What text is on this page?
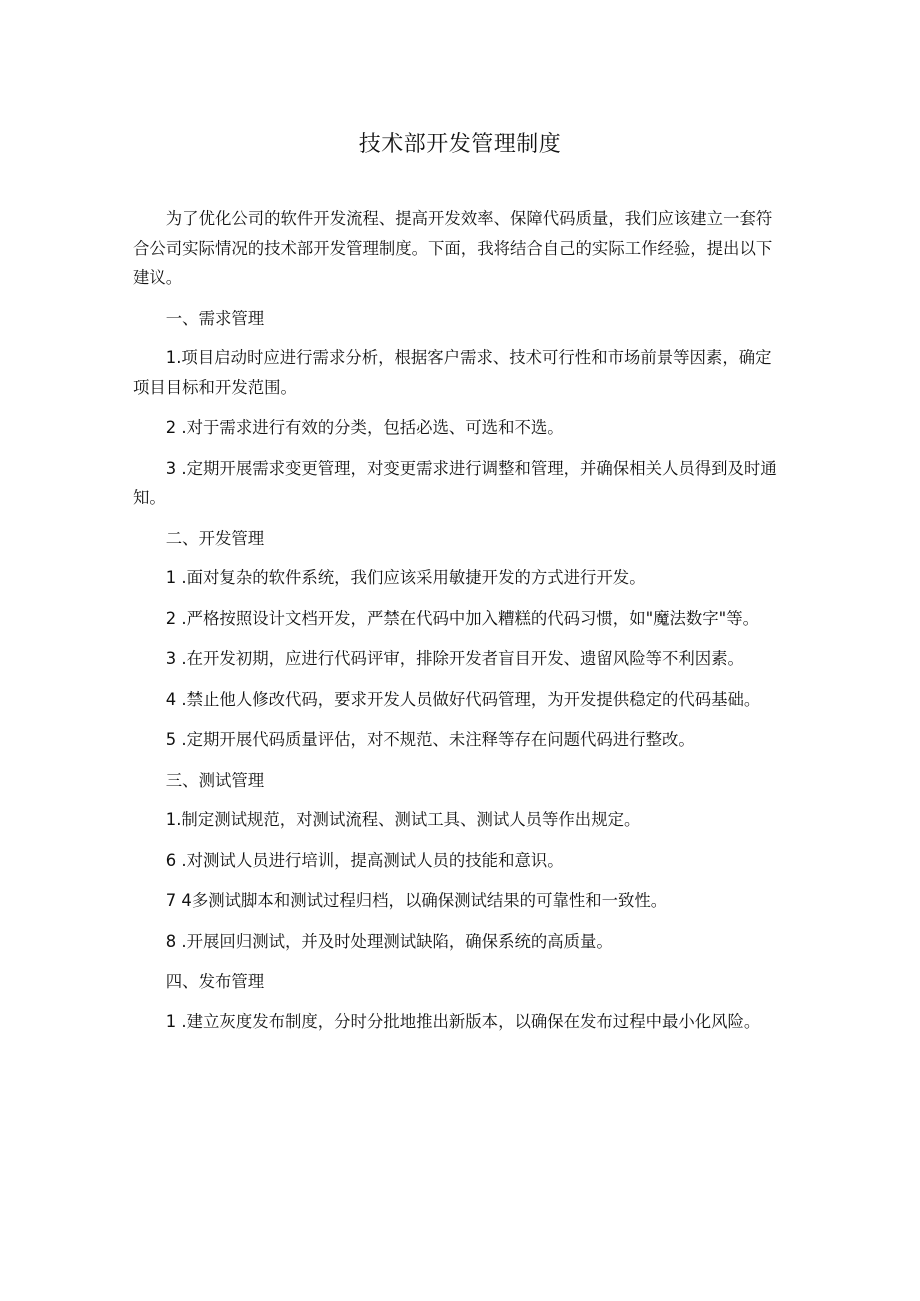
技术部开发管理制度

为了优化公司的软件开发流程、提高开发效率、保障代码质量，我们应该建立一套符合公司实际情况的技术部开发管理制度。下面，我将结合自己的实际工作经验，提出以下建议。

一、需求管理

1.项目启动时应进行需求分析，根据客户需求、技术可行性和市场前景等因素，确定项目目标和开发范围。

2 .对于需求进行有效的分类，包括必选、可选和不选。

3 .定期开展需求变更管理，对变更需求进行调整和管理，并确保相关人员得到及时通知。

二、开发管理

1 .面对复杂的软件系统，我们应该采用敏捷开发的方式进行开发。

2 .严格按照设计文档开发，严禁在代码中加入糟糕的代码习惯，如"魔法数字"等。

3 .在开发初期，应进行代码评审，排除开发者盲目开发、遗留风险等不利因素。

4 .禁止他人修改代码，要求开发人员做好代码管理，为开发提供稳定的代码基础。

5 .定期开展代码质量评估，对不规范、未注释等存在问题代码进行整改。

三、测试管理

1.制定测试规范，对测试流程、测试工具、测试人员等作出规定。

6 .对测试人员进行培训，提高测试人员的技能和意识。

7 4多测试脚本和测试过程归档，以确保测试结果的可靠性和一致性。

8 .开展回归测试，并及时处理测试缺陷，确保系统的高质量。

四、发布管理

1 .建立灰度发布制度，分时分批地推出新版本，以确保在发布过程中最小化风险。
